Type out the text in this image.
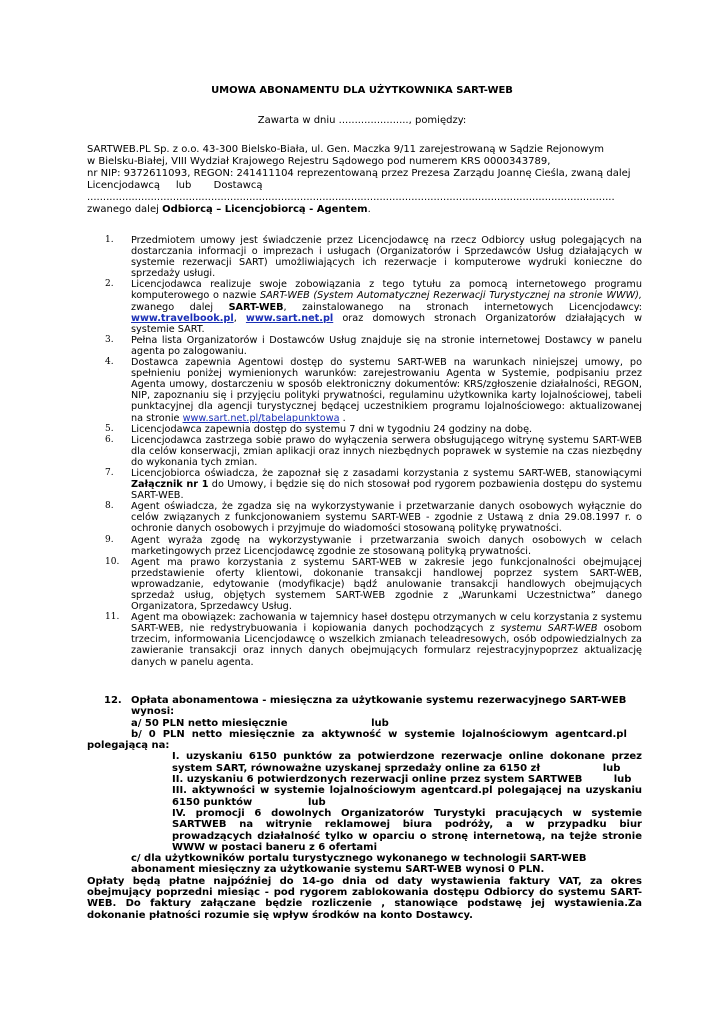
UMOWA ABONAMENTU DLA UŻYTKOWNIKA SART-WEB
Zawarta w dniu ......................, pomiędzy:

SARTWEB.PL Sp. z o.o. 43-300 Bielsko-Biała, ul. Gen. Maczka 9/11 zarejestrowaną w Sądzie Rejonowym

w Bielsku-Białej, VIII Wydział Krajowego Rejestru Sądowego pod numerem KRS 0000343789,

nr NIP: 9372611093, REGON: 241411104 reprezentowaną przez Prezesa Zarządu Joannę Cieśla, zwaną dalej

Licencjodawcą     lub       Dostawcą

......................................................................................................................................................................

zwanego dalej Odbiorcą – Licencjobiorcą - Agentem.

1. Przedmiotem umowy jest świadczenie przez Licencjodawcę na rzecz Odbiorcy usług polegających na dostarczania informacji o imprezach i usługach (Organizatorów i Sprzedawców Usług działających w systemie rezerwacji SART) umożliwiających ich rezerwacje i komputerowe wydruki konieczne do sprzedaży usługi.
2. Licencjodawca realizuje swoje zobowiązania z tego tytułu za pomocą internetowego programu komputerowego o nazwie SART-WEB (System Automatycznej Rezerwacji Turystycznej na stronie WWW), zwanego dalej SART-WEB, zainstalowanego na stronach internetowych Licencjodawcy: www.travelbook.pl, www.sart.net.pl oraz domowych stronach Organizatorów działających w systemie SART.
3. Pełna lista Organizatorów i Dostawców Usług znajduje się na stronie internetowej Dostawcy w panelu agenta po zalogowaniu.
4. Dostawca zapewnia Agentowi dostęp do systemu SART-WEB na warunkach niniejszej umowy, po spełnieniu poniżej wymienionych warunków: zarejestrowaniu Agenta w Systemie, podpisaniu przez Agenta umowy, dostarczeniu w sposób elektroniczny dokumentów: KRS/zgłoszenie działalności, REGON, NIP, zapoznaniu się i przyjęciu polityki prywatności, regulaminu użytkownika karty lojalnościowej, tabeli punktacyjnej dla agencji turystycznej będącej uczestnikiem programu lojalnościowego: aktualizowanej na stronie www.sart.net.pl/tabelapunktowa .
5. Licencjodawca zapewnia dostęp do systemu 7 dni w tygodniu 24 godziny na dobę.
6. Licencjodawca zastrzega sobie prawo do wyłączenia serwera obsługującego witrynę systemu SART-WEB dla celów konserwacji, zmian aplikacji oraz innych niezbędnych poprawek w systemie na czas niezbędny do wykonania tych zmian.
7. Licencjobiorca oświadcza, że zapoznał się z zasadami korzystania z systemu SART-WEB, stanowiącymi Załącznik nr 1 do Umowy, i będzie się do nich stosował pod rygorem pozbawienia dostępu do systemu SART-WEB.
8. Agent oświadcza, że zgadza się na wykorzystywanie i przetwarzanie danych osobowych wyłącznie do celów związanych z funkcjonowaniem systemu SART-WEB - zgodnie z Ustawą z dnia 29.08.1997 r. o ochronie danych osobowych i przyjmuje do wiadomości stosowaną politykę prywatności.
9. Agent wyraża zgodę na wykorzystywanie i przetwarzania swoich danych osobowych w celach marketingowych przez Licencjodawcę zgodnie ze stosowaną polityką prywatności.
10. Agent ma prawo korzystania z systemu SART-WEB w zakresie jego funkcjonalności obejmującej przedstawienie oferty klientowi, dokonanie transakcji handlowej poprzez system SART-WEB, wprowadzanie, edytowanie (modyfikacje) bądź anulowanie transakcji handlowych obejmujących sprzedaż usług, objętych systemem SART-WEB zgodnie z „Warunkami Uczestnictwa” danego Organizatora, Sprzedawcy Usług.
11. Agent ma obowiązek: zachowania w tajemnicy haseł dostępu otrzymanych w celu korzystania z systemu SART-WEB, nie redystrybuowania i kopiowania danych pochodzących z systemu SART-WEB osobom trzecim, informowania Licencjodawcę o wszelkich zmianach teleadresowych, osób odpowiedzialnych za zawieranie transakcji oraz innych danych obejmujących formularz rejestracyjnypoprzez aktualizację danych w panelu agenta.
12. Opłata abonamentowa - miesięczna za użytkowanie systemu rezerwacyjnego SART-WEB wynosi:

a/ 50 PLN netto miesięcznie                        lub

b/  0  PLN  netto  miesięcznie  za  aktywność  w  systemie  lojalnościowym  agentcard.pl

polegającą na:

I. uzyskaniu 6150 punktów za potwierdzone rezerwacje online dokonane przez system SART, równoważne uzyskanej sprzedaży online za 6150 zł                  lub

II. uzyskaniu 6 potwierdzonych rezerwacji online przez system SARTWEB         lub

III. aktywności w systemie lojalnościowym agentcard.pl polegającej na uzyskaniu 6150 punktów                lub

IV. promocji 6 dowolnych Organizatorów Turystyki pracujących w systemie SARTWEB na witrynie reklamowej biura podróży, a w przypadku biur prowadzących działalność tylko w oparciu o stronę internetową, na tejże stronie WWW w postaci baneru z 6 ofertami

c/ dla użytkowników portalu turystycznego wykonanego w technologii SART-WEB

abonament miesięczny za użytkowanie systemu SART-WEB wynosi 0 PLN.

Opłaty będą płatne najpóźniej do 14-go dnia od daty wystawienia faktury VAT, za okres obejmujący poprzedni miesiąc - pod rygorem zablokowania dostępu Odbiorcy do systemu SART-WEB. Do faktury załączane będzie rozliczenie , stanowiące podstawę jej wystawienia.Za dokonanie płatności rozumie się wpływ środków na konto Dostawcy.
